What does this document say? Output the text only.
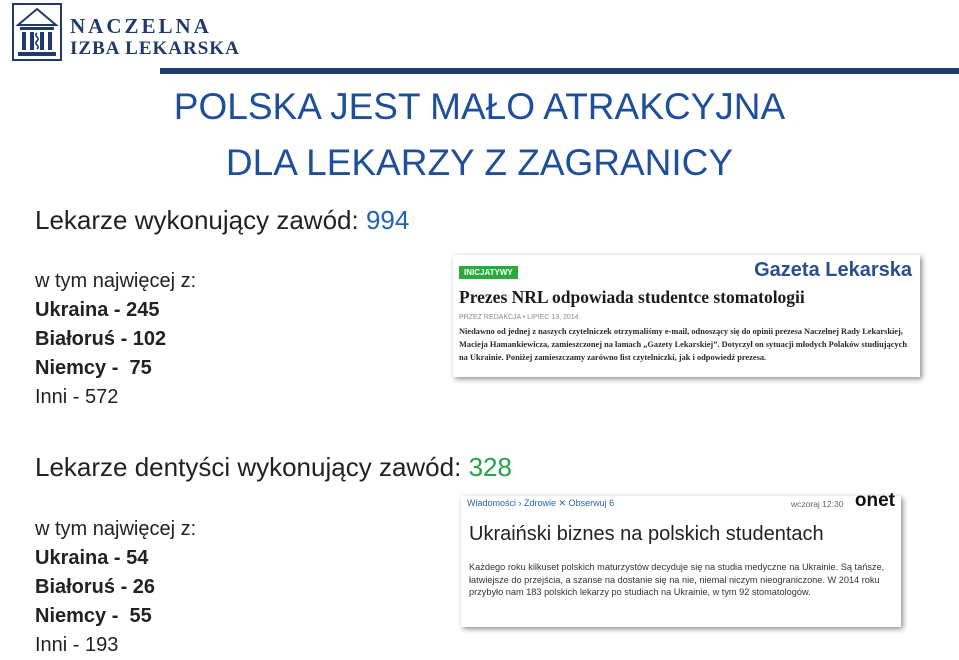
NACZELNA
IZBA LEKARSKA
POLSKA JEST MAŁO ATRAKCYJNA
DLA LEKARZY Z ZAGRANICY
Lekarze wykonujący zawód: 994
w tym najwięcej z:
Ukraina - 245
Białoruś - 102
Niemcy -  75
Inni - 572
INICJATYWY	Gazeta Lekarska
Prezes NRL odpowiada studentce stomatologii
PRZEZ REDAKCJA • LIPIEC 13, 2014
Niedawno od jednej z naszych czytelniczek otrzymaliśmy e-mail, odnoszący się do opinii prezesa Naczelnej Rady Lekarskiej, Macieja Hamankiewicza, zamieszczonej na łamach „Gazety Lekarskiej”. Dotyczył on sytuacji młodych Polaków studiujących na Ukrainie. Poniżej zamieszczamy zarówno list czytelniczki, jak i odpowiedź prezesa.
Lekarze dentyści wykonujący zawód: 328
w tym najwięcej z:
Ukraina - 54
Białoruś - 26
Niemcy -  55
Inni - 193
Wiadomości › Zdrowie ✕ Obserwuj 6	wczoraj 12:30 onet
Ukraiński biznes na polskich studentach
Każdego roku kilkuset polskich maturzystów decyduje się na studia medyczne na Ukrainie. Są tańsze, łatwiejsze do przejścia, a szanse na dostanie się na nie, niemal niczym nieograniczone. W 2014 roku przybyło nam 183 polskich lekarzy po studiach na Ukrainie, w tym 92 stomatologów.
